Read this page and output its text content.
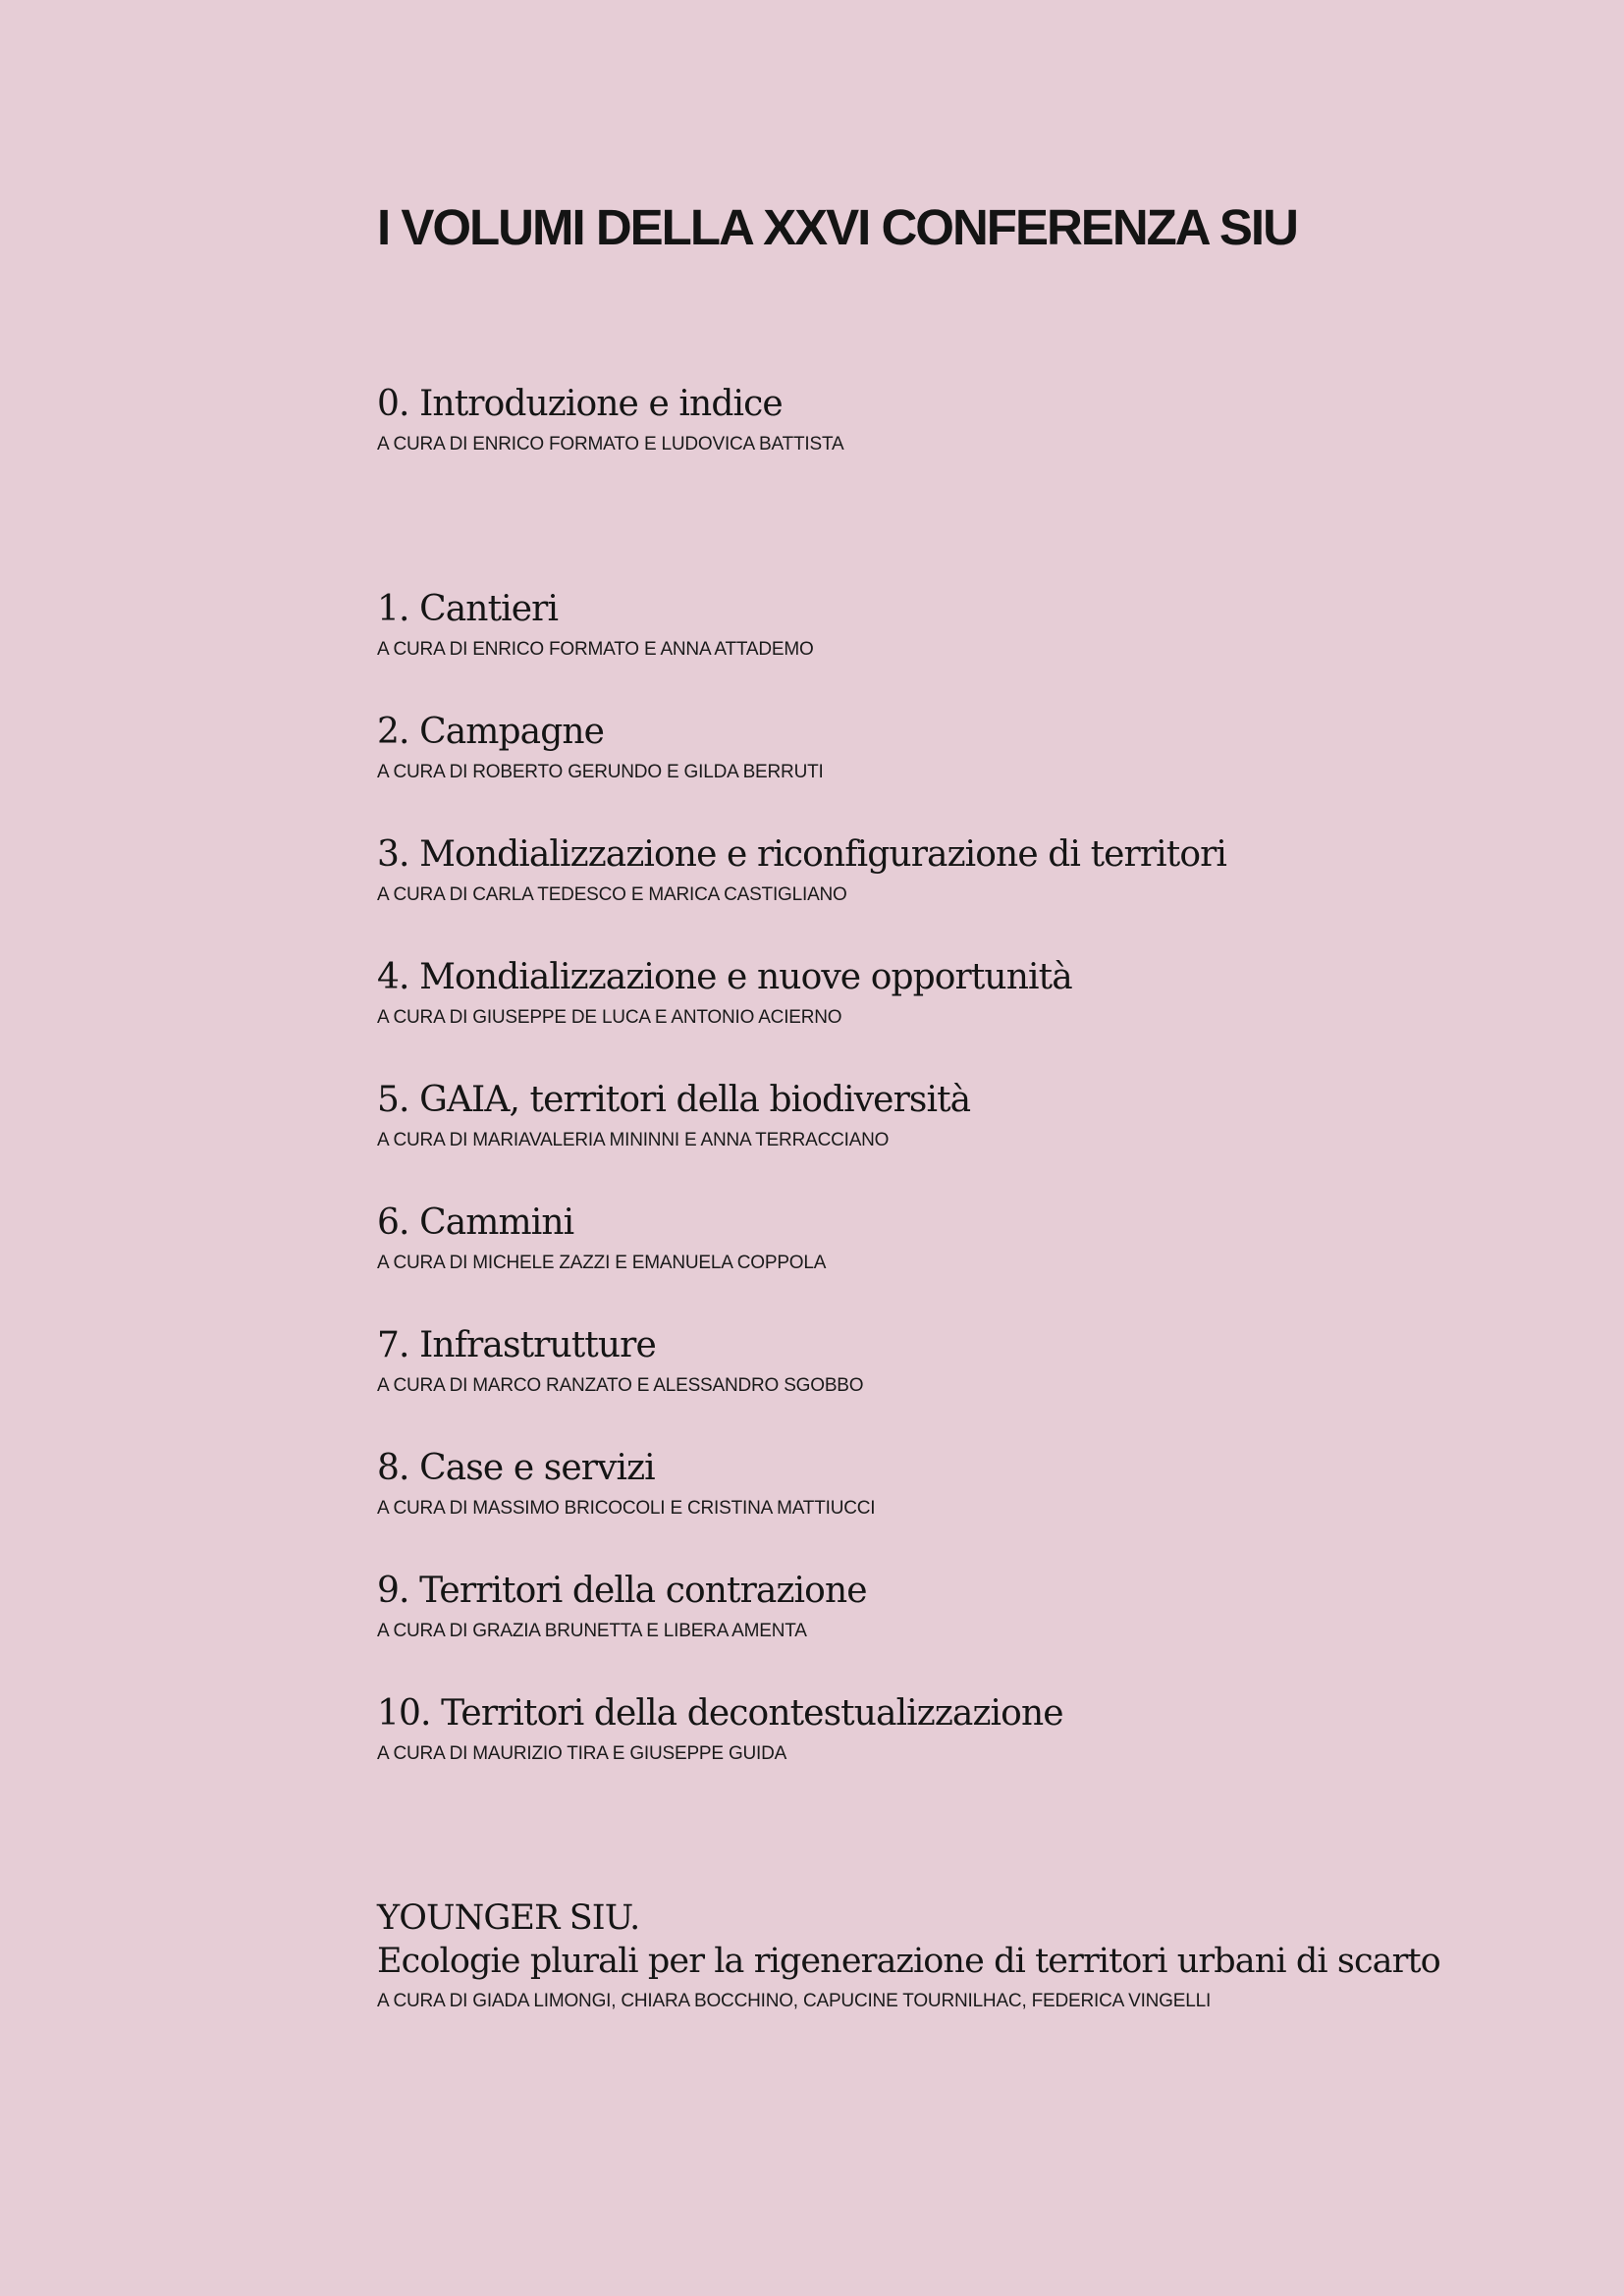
I VOLUMI DELLA XXVI CONFERENZA SIU
0. Introduzione e indice
A CURA DI ENRICO FORMATO E LUDOVICA BATTISTA
1. Cantieri
A CURA DI ENRICO FORMATO E ANNA ATTADEMO
2. Campagne
A CURA DI ROBERTO GERUNDO E GILDA BERRUTI
3. Mondializzazione e riconfigurazione di territori
A CURA DI CARLA TEDESCO E MARICA CASTIGLIANO
4. Mondializzazione e nuove opportunità
A CURA DI GIUSEPPE DE LUCA E ANTONIO ACIERNO
5. GAIA, territori della biodiversità
A CURA DI MARIAVALERIA MININNI E ANNA TERRACCIANO
6. Cammini
A CURA DI MICHELE ZAZZI E EMANUELA COPPOLA
7. Infrastrutture
A CURA DI MARCO RANZATO E ALESSANDRO SGOBBO
8. Case e servizi
A CURA DI MASSIMO BRICOCOLI E CRISTINA MATTIUCCI
9. Territori della contrazione
A CURA DI GRAZIA BRUNETTA E LIBERA AMENTA
10. Territori della decontestualizzazione
A CURA DI MAURIZIO TIRA E GIUSEPPE GUIDA
YOUNGER SIU.
Ecologie plurali per la rigenerazione di territori urbani di scarto
A CURA DI GIADA LIMONGI, CHIARA BOCCHINO, CAPUCINE TOURNILHAC, FEDERICA VINGELLI
